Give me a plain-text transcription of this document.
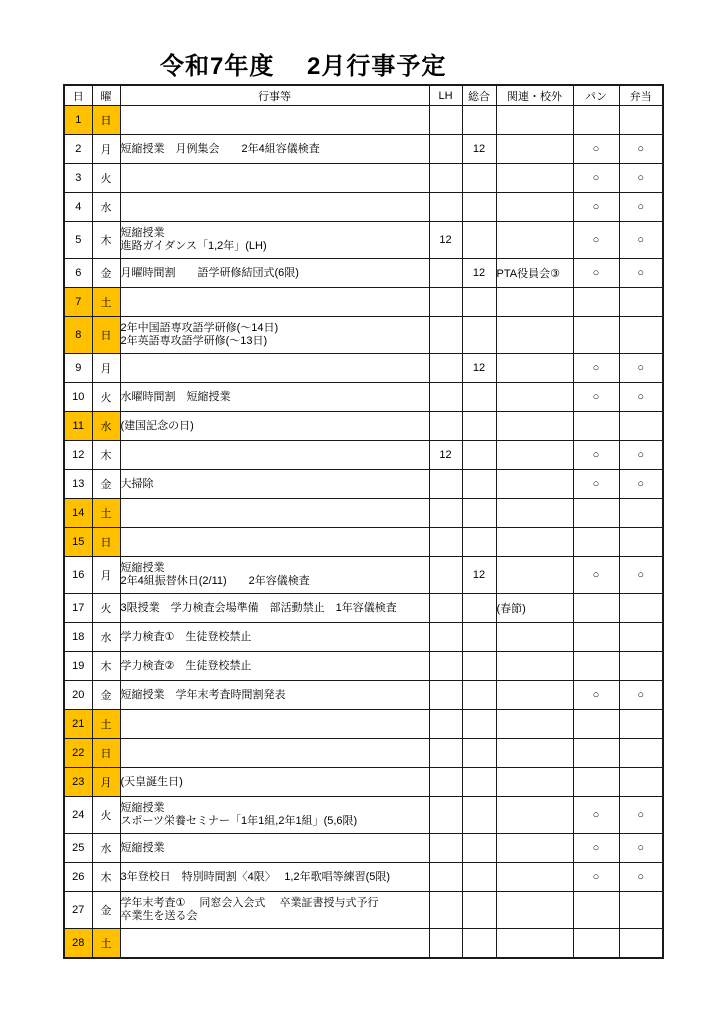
令和7年度　 2月行事予定
日	曜	行事等	LH	総合	関連・校外	パン	弁当
1	日						
2	月	短縮授業　月例集会　　2年4組容儀検査		12		○	○
3	火					○	○
4	水					○	○
5	木	短縮授業
進路ガイダンス「1,2年」(LH)	12			○	○
6	金	月曜時間割　　語学研修結団式(6限)		12	PTA役員会③	○	○
7	土						
8	日	2年中国語専攻語学研修(～14日)
2年英語専攻語学研修(～13日)					

9	月			12		○	○
10	火	水曜時間割　短縮授業				○	○
11	水	(建国記念の日)					

12	木		12			○	○
13	金	大掃除				○	○
14	土						
15	日						
16	月	短縮授業
2年4組振替休日(2/11)　　2年容儀検査		12		○	○
17	火	3限授業　学力検査会場準備　部活動禁止　1年容儀検査			(春節)		
18	水	学力検査①　生徒登校禁止					

19	木	学力検査②　生徒登校禁止					

20	金	短縮授業　学年末考査時間割発表				○	○
21	土						
22	日						
23	月	(天皇誕生日)					

24	火	短縮授業
スポーツ栄養セミナー「1年1組,2年1組」(5,6限)				○	○
25	水	短縮授業				○	○
26	木	3年登校日　特別時間割〈4限〉　 1,2年歌唱等練習(5限)				○	○
27	金	学年末考査①　 同窓会入会式　 卒業証書授与式予行
卒業生を送る会					

28	土						
